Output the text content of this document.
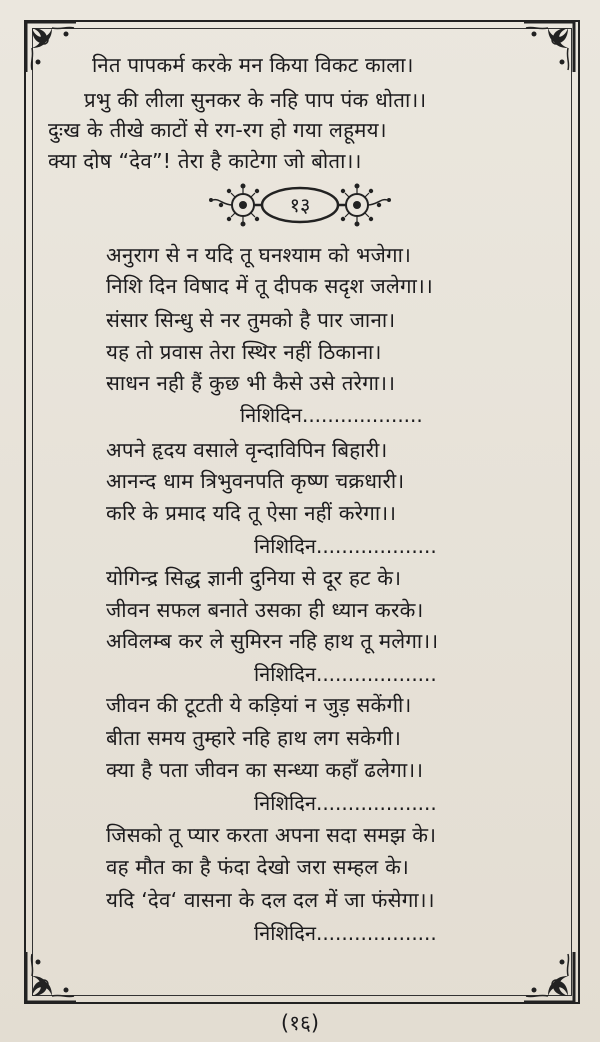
नित पापकर्म करके मन किया विकट काला।
प्रभु की लीला सुनकर के नहि पाप पंक धोता।।
दुःख के तीखे काटों से रग-रग हो गया लहूमय।
क्या दोष “देव”! तेरा है काटेगा जो बोता।।
१३
अनुराग से न यदि तू घनश्याम को भजेगा।
निशि दिन विषाद में तू दीपक सदृश जलेगा।।
संसार सिन्धु से नर तुमको है पार जाना।
यह तो प्रवास तेरा स्थिर नहीं ठिकाना।
साधन नही हैं कुछ भी कैसे उसे तरेगा।।
निशिदिन...................
अपने हृदय वसाले वृन्दाविपिन बिहारी।
आनन्द धाम त्रिभुवनपति कृष्ण चक्रधारी।
करि के प्रमाद यदि तू ऐसा नहीं करेगा।।
निशिदिन...................
योगिन्द्र सिद्ध ज्ञानी दुनिया से दूर हट के।
जीवन सफल बनाते उसका ही ध्यान करके।
अविलम्ब कर ले सुमिरन नहि हाथ तू मलेगा।।
निशिदिन...................
जीवन की टूटती ये कड़ियां न जुड़ सकेंगी।
बीता समय तुम्हारे नहि हाथ लग सकेगी।
क्या है पता जीवन का सन्ध्या कहाँ ढलेगा।।
निशिदिन...................
जिसको तू प्यार करता अपना सदा समझ के।
वह मौत का है फंदा देखो जरा सम्हल के।
यदि ‘देव‘ वासना के दल दल में जा फंसेगा।।
निशिदिन...................
(१६)
